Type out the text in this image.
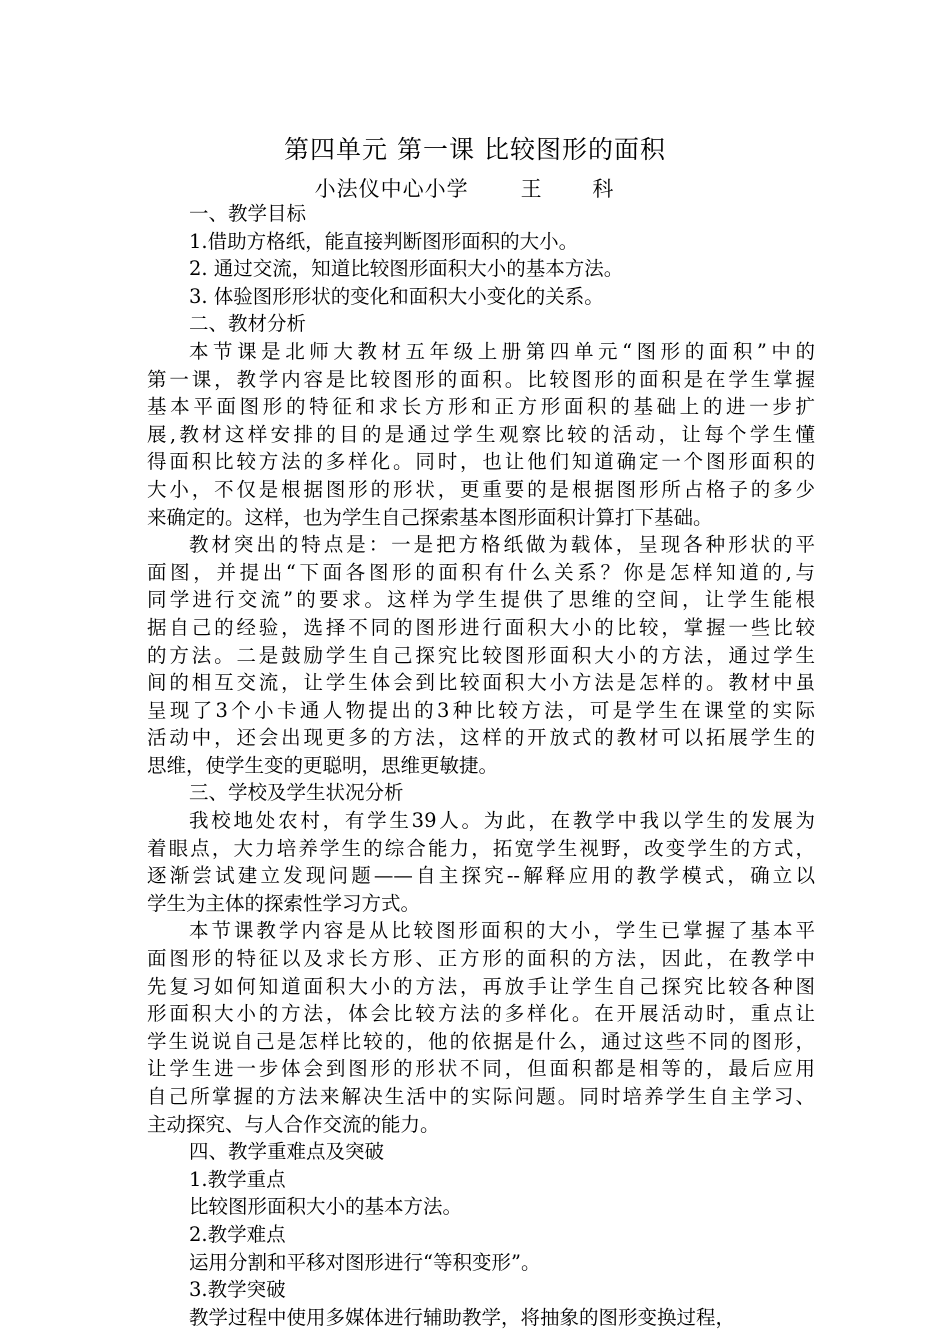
第四单元 第一课 比较图形的面积
小法仪中心小学 王 科
一、教学目标
1.借助方格纸，能直接判断图形面积的大小。
2. 通过交流，知道比较图形面积大小的基本方法。
3. 体验图形形状的变化和面积大小变化的关系。
二、教材分析
本节课是北师大教材五年级上册第四单元“图形的面积”中的
第一课，教学内容是比较图形的面积。比较图形的面积是在学生掌握
基本平面图形的特征和求长方形和正方形面积的基础上的进一步扩
展,教材这样安排的目的是通过学生观察比较的活动，让每个学生懂
得面积比较方法的多样化。同时，也让他们知道确定一个图形面积的
大小，不仅是根据图形的形状，更重要的是根据图形所占格子的多少
来确定的。这样，也为学生自己探索基本图形面积计算打下基础。
教材突出的特点是：一是把方格纸做为载体，呈现各种形状的平
面图，并提出“下面各图形的面积有什么关系？你是怎样知道的,与
同学进行交流”的要求。这样为学生提供了思维的空间，让学生能根
据自己的经验，选择不同的图形进行面积大小的比较，掌握一些比较
的方法。二是鼓励学生自己探究比较图形面积大小的方法，通过学生
间的相互交流，让学生体会到比较面积大小方法是怎样的。教材中虽
呈现了3个小卡通人物提出的3种比较方法，可是学生在课堂的实际
活动中，还会出现更多的方法，这样的开放式的教材可以拓展学生的
思维，使学生变的更聪明，思维更敏捷。
三、学校及学生状况分析
我校地处农村，有学生39人。为此，在教学中我以学生的发展为
着眼点，大力培养学生的综合能力，拓宽学生视野，改变学生的方式，
逐渐尝试建立发现问题——自主探究--解释应用的教学模式，确立以
学生为主体的探索性学习方式。
本节课教学内容是从比较图形面积的大小，学生已掌握了基本平
面图形的特征以及求长方形、正方形的面积的方法，因此，在教学中
先复习如何知道面积大小的方法，再放手让学生自己探究比较各种图
形面积大小的方法，体会比较方法的多样化。在开展活动时，重点让
学生说说自己是怎样比较的，他的依据是什么，通过这些不同的图形，
让学生进一步体会到图形的形状不同，但面积都是相等的，最后应用
自己所掌握的方法来解决生活中的实际问题。同时培养学生自主学习、
主动探究、与人合作交流的能力。
四、教学重难点及突破
1.教学重点
比较图形面积大小的基本方法。
2.教学难点
运用分割和平移对图形进行“等积变形”。
3.教学突破
教学过程中使用多媒体进行辅助教学，将抽象的图形变换过程，
